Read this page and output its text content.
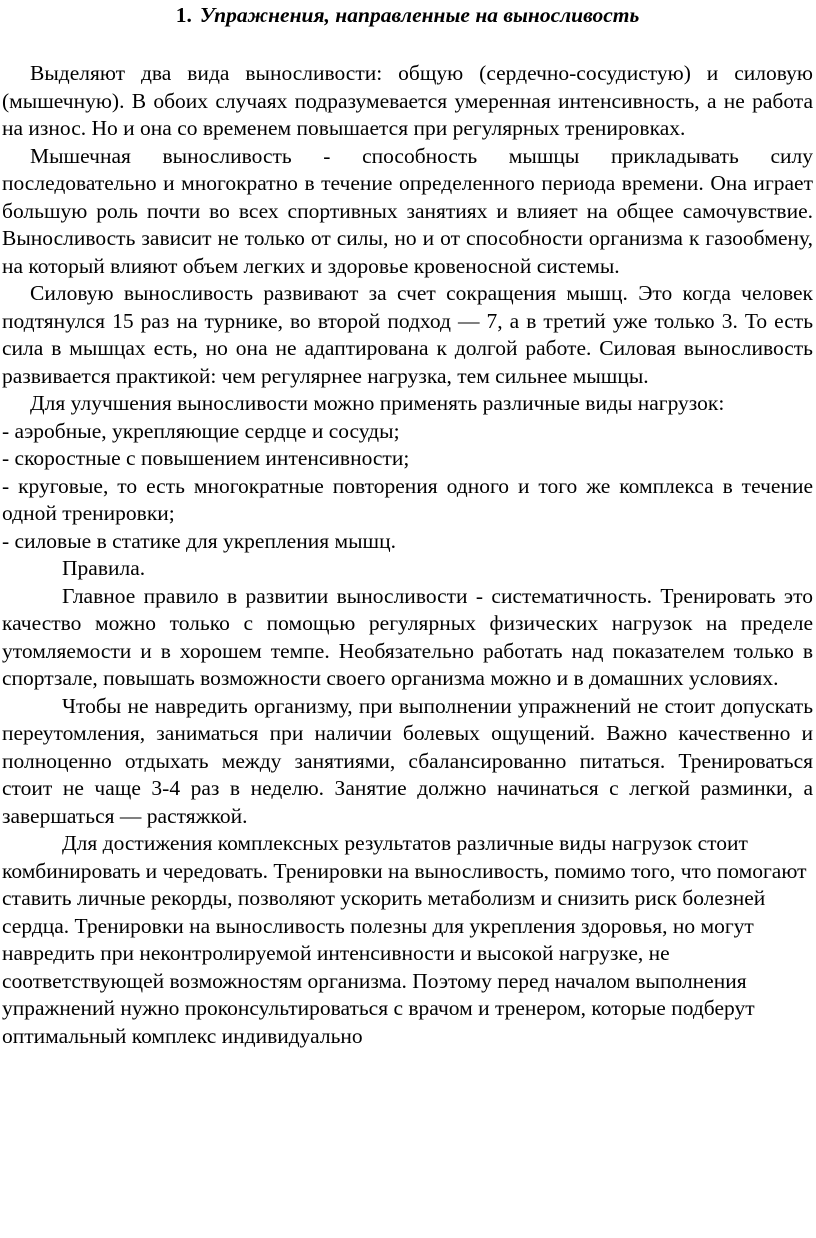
1. Упражнения, направленные на выносливость

Выделяют два вида выносливости: общую (сердечно-сосудистую) и силовую (мышечную). В обоих случаях подразумевается умеренная интенсивность, а не работа на износ. Но и она со временем повышается при регулярных тренировках.

Мышечная выносливость - способность мышцы прикладывать силу последовательно и многократно в течение определенного периода времени. Она играет большую роль почти во всех спортивных занятиях и влияет на общее самочувствие. Выносливость зависит не только от силы, но и от способности организма к газообмену, на который влияют объем легких и здоровье кровеносной системы.

Силовую выносливость развивают за счет сокращения мышц. Это когда человек подтянулся 15 раз на турнике, во второй подход — 7, а в третий уже только 3. То есть сила в мышцах есть, но она не адаптирована к долгой работе. Силовая выносливость развивается практикой: чем регулярнее нагрузка, тем сильнее мышцы.

Для улучшения выносливости можно применять различные виды нагрузок:

- аэробные, укрепляющие сердце и сосуды;

- скоростные с повышением интенсивности;

- круговые, то есть многократные повторения одного и того же комплекса в течение одной тренировки;

- силовые в статике для укрепления мышц.

Правила.

Главное правило в развитии выносливости - систематичность. Тренировать это качество можно только с помощью регулярных физических нагрузок на пределе утомляемости и в хорошем темпе. Необязательно работать над показателем только в спортзале, повышать возможности своего организма можно и в домашних условиях.

Чтобы не навредить организму, при выполнении упражнений не стоит допускать переутомления, заниматься при наличии болевых ощущений. Важно качественно и полноценно отдыхать между занятиями, сбалансированно питаться. Тренироваться стоит не чаще 3-4 раз в неделю. Занятие должно начинаться с легкой разминки, а завершаться — растяжкой.

Для достижения комплексных результатов различные виды нагрузок стоит комбинировать и чередовать. Тренировки на выносливость, помимо того, что помогают ставить личные рекорды, позволяют ускорить метаболизм и снизить риск болезней сердца. Тренировки на выносливость полезны для укрепления здоровья, но могут навредить при неконтролируемой интенсивности и высокой нагрузке, не соответствующей возможностям организма. Поэтому перед началом выполнения упражнений нужно проконсультироваться с врачом и тренером, которые подберут оптимальный комплекс индивидуально
